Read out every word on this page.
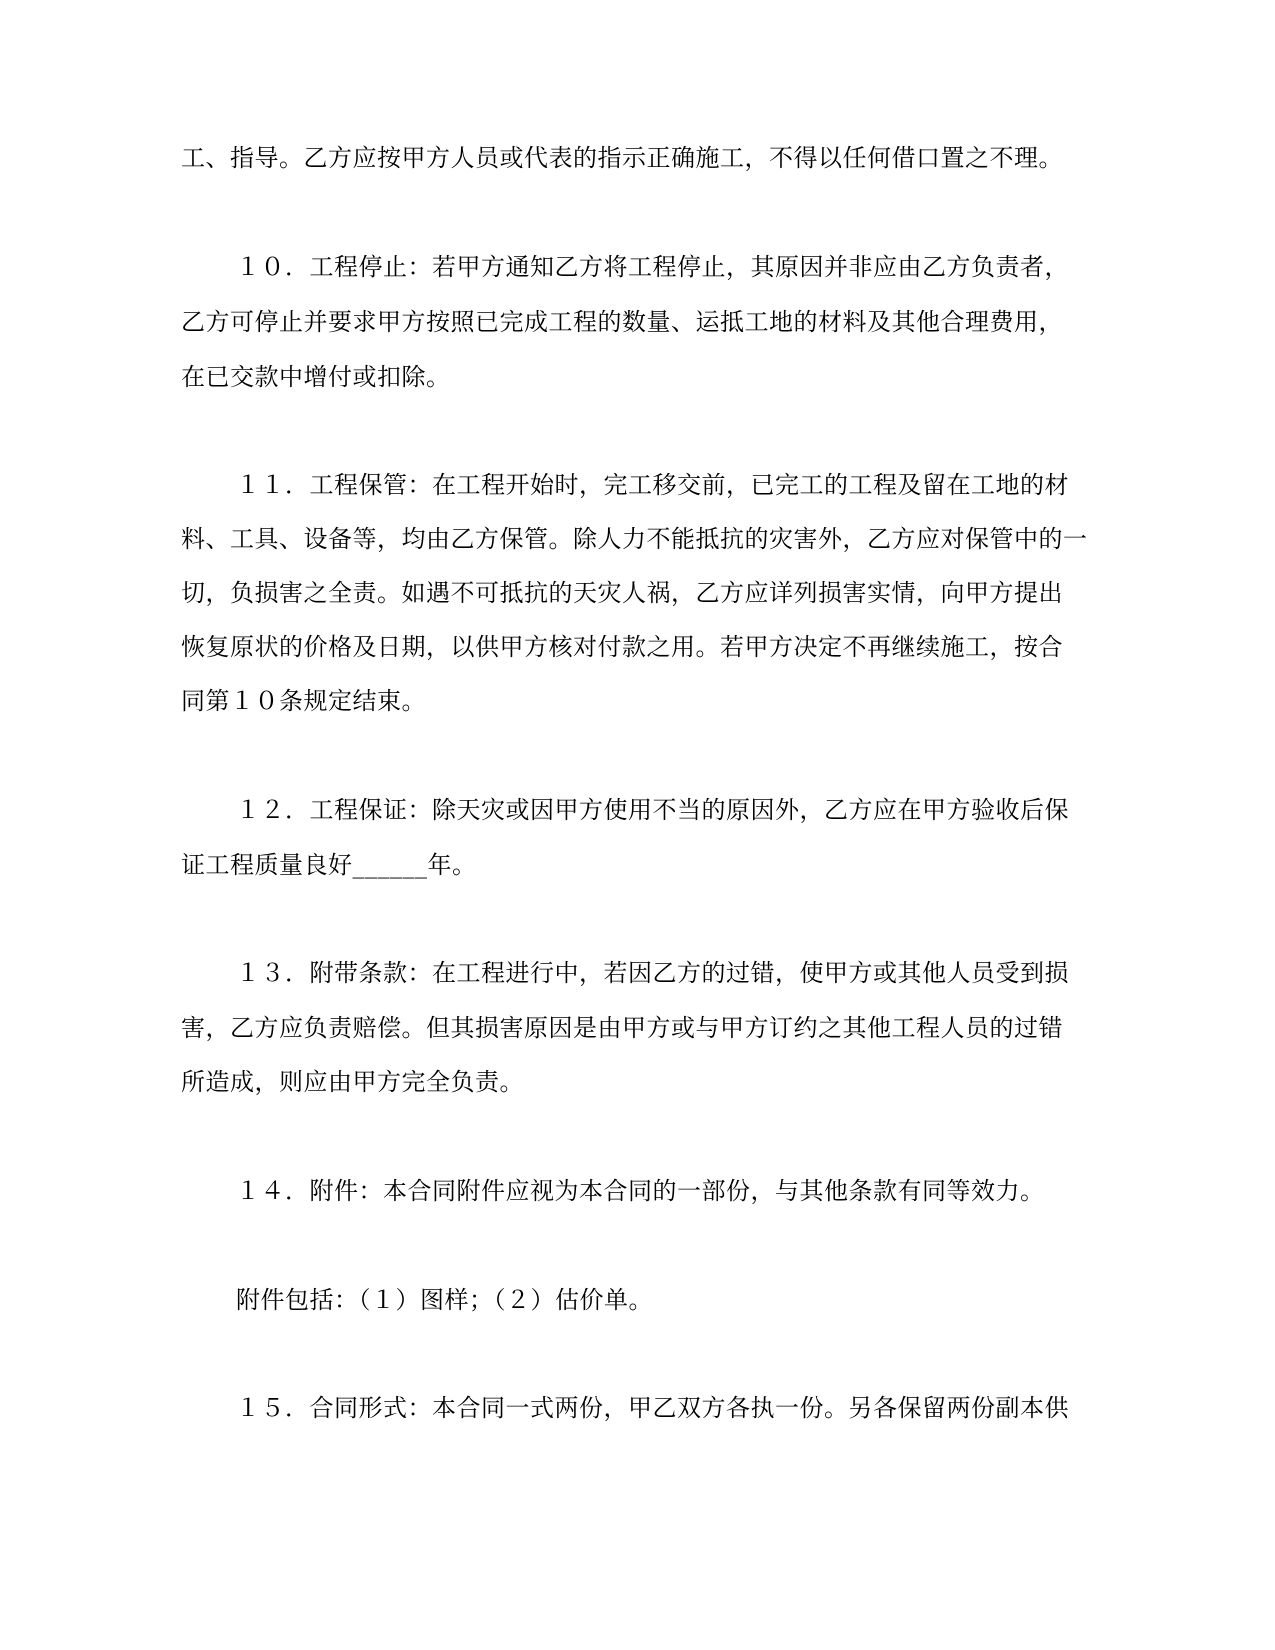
工、指导。乙方应按甲方人员或代表的指示正确施工，不得以任何借口置之不理。
１０．工程停止：若甲方通知乙方将工程停止，其原因并非应由乙方负责者，
乙方可停止并要求甲方按照已完成工程的数量、运抵工地的材料及其他合理费用，
在已交款中增付或扣除。
１１．工程保管：在工程开始时，完工移交前，已完工的工程及留在工地的材
料、工具、设备等，均由乙方保管。除人力不能抵抗的灾害外，乙方应对保管中的一
切，负损害之全责。如遇不可抵抗的天灾人祸，乙方应详列损害实情，向甲方提出
恢复原状的价格及日期，以供甲方核对付款之用。若甲方决定不再继续施工，按合
同第１０条规定结束。
１２．工程保证：除天灾或因甲方使用不当的原因外，乙方应在甲方验收后保
证工程质量良好______年。
１３．附带条款：在工程进行中，若因乙方的过错，使甲方或其他人员受到损
害，乙方应负责赔偿。但其损害原因是由甲方或与甲方订约之其他工程人员的过错
所造成，则应由甲方完全负责。
１４．附件：本合同附件应视为本合同的一部份，与其他条款有同等效力。
附件包括：（１）图样；（２）估价单。
１５．合同形式：本合同一式两份，甲乙双方各执一份。另各保留两份副本供
